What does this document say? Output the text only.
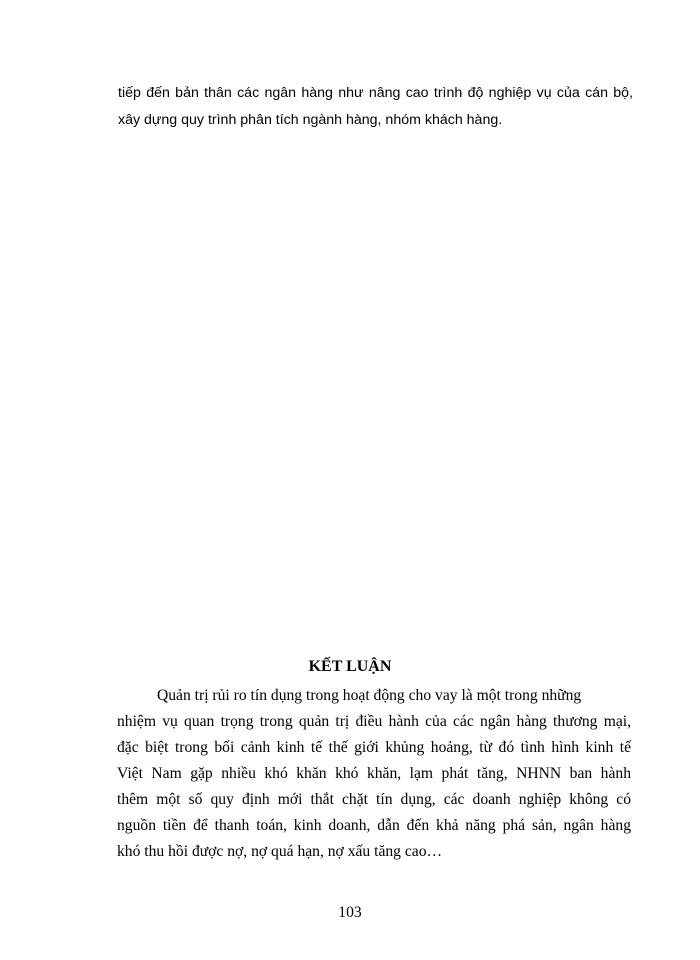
tiếp đến bản thân các ngân hàng như nâng cao trình độ nghiệp vụ của cán bộ,
xây dựng quy trình phân tích ngành hàng, nhóm khách hàng.
KẾT LUẬN
Quản trị rủi ro tín dụng trong hoạt động cho vay là một trong những
nhiệm vụ quan trọng trong quản trị điều hành của các ngân hàng thương mại,
đặc biệt trong bối cảnh kinh tế thế giới khủng hoảng, từ đó tình hình kinh tế
Việt Nam gặp nhiều khó khăn khó khăn, lạm phát tăng, NHNN ban hành
thêm một số quy định mới thắt chặt tín dụng, các doanh nghiệp không có
nguồn tiền để thanh toán, kinh doanh, dẫn đến khả năng phá sản, ngân hàng
khó thu hồi được nợ, nợ quá hạn, nợ xấu tăng cao…
103
